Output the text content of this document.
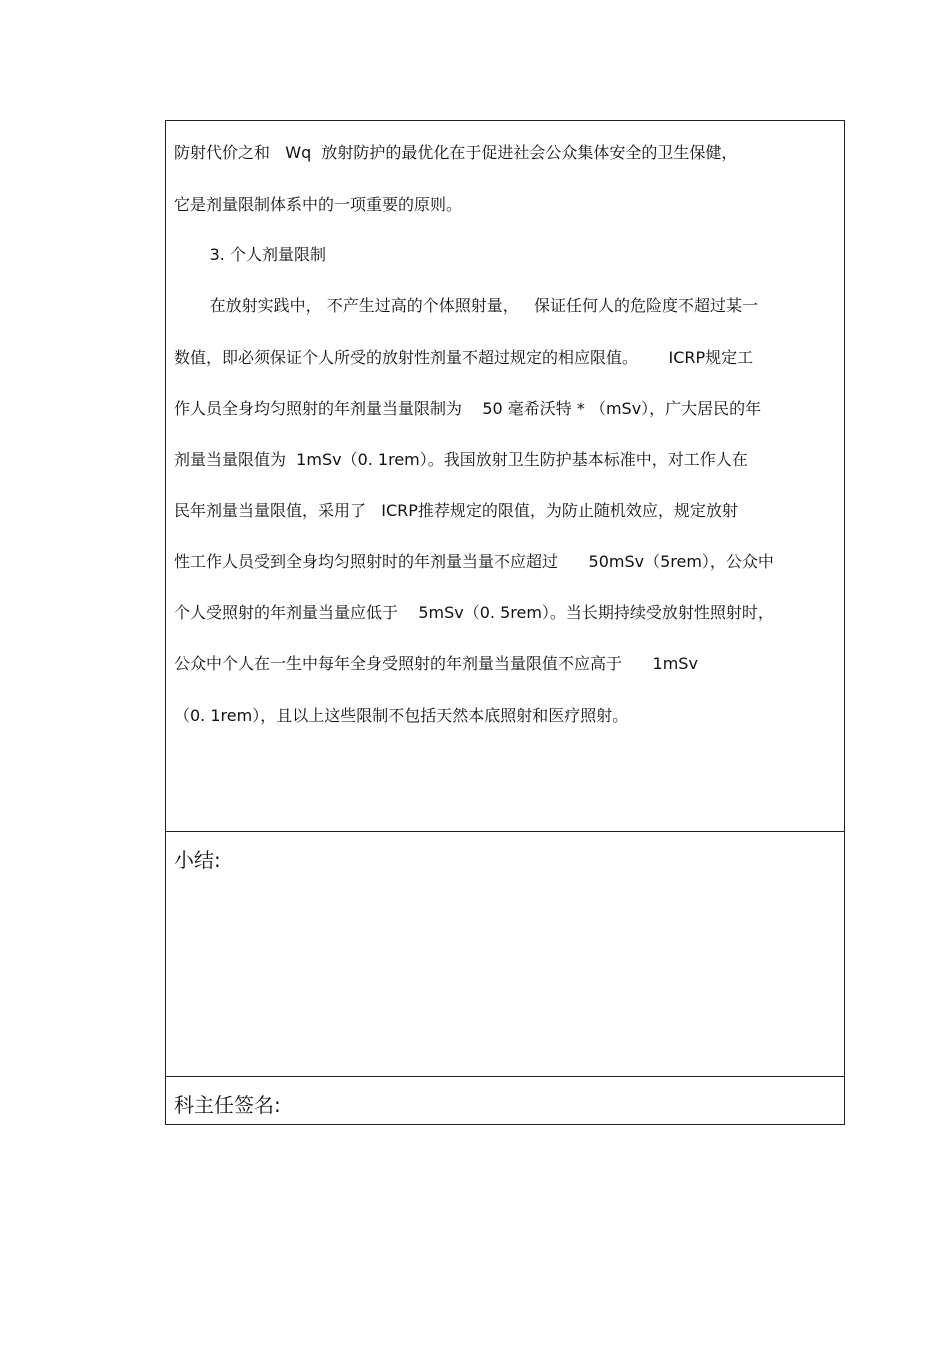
防射代价之和   Wq  放射防护的最优化在于促进社会公众集体安全的卫生保健，
它是剂量限制体系中的一项重要的原则。
3. 个人剂量限制
在放射实践中， 不产生过高的个体照射量，   保证任何人的危险度不超过某一
数值，即必须保证个人所受的放射性剂量不超过规定的相应限值。      ICRP规定工
作人员全身均匀照射的年剂量当量限制为    50 毫希沃特 * （mSv），广大居民的年
剂量当量限值为  1mSv（0. 1rem）。我国放射卫生防护基本标准中，对工作人在
民年剂量当量限值，采用了   ICRP推荐规定的限值，为防止随机效应，规定放射
性工作人员受到全身均匀照射时的年剂量当量不应超过      50mSv（5rem），公众中
个人受照射的年剂量当量应低于    5mSv（0. 5rem）。当长期持续受放射性照射时，
公众中个人在一生中每年全身受照射的年剂量当量限值不应高于      1mSv
（0. 1rem），且以上这些限制不包括天然本底照射和医疗照射。
小结:
科主任签名:
